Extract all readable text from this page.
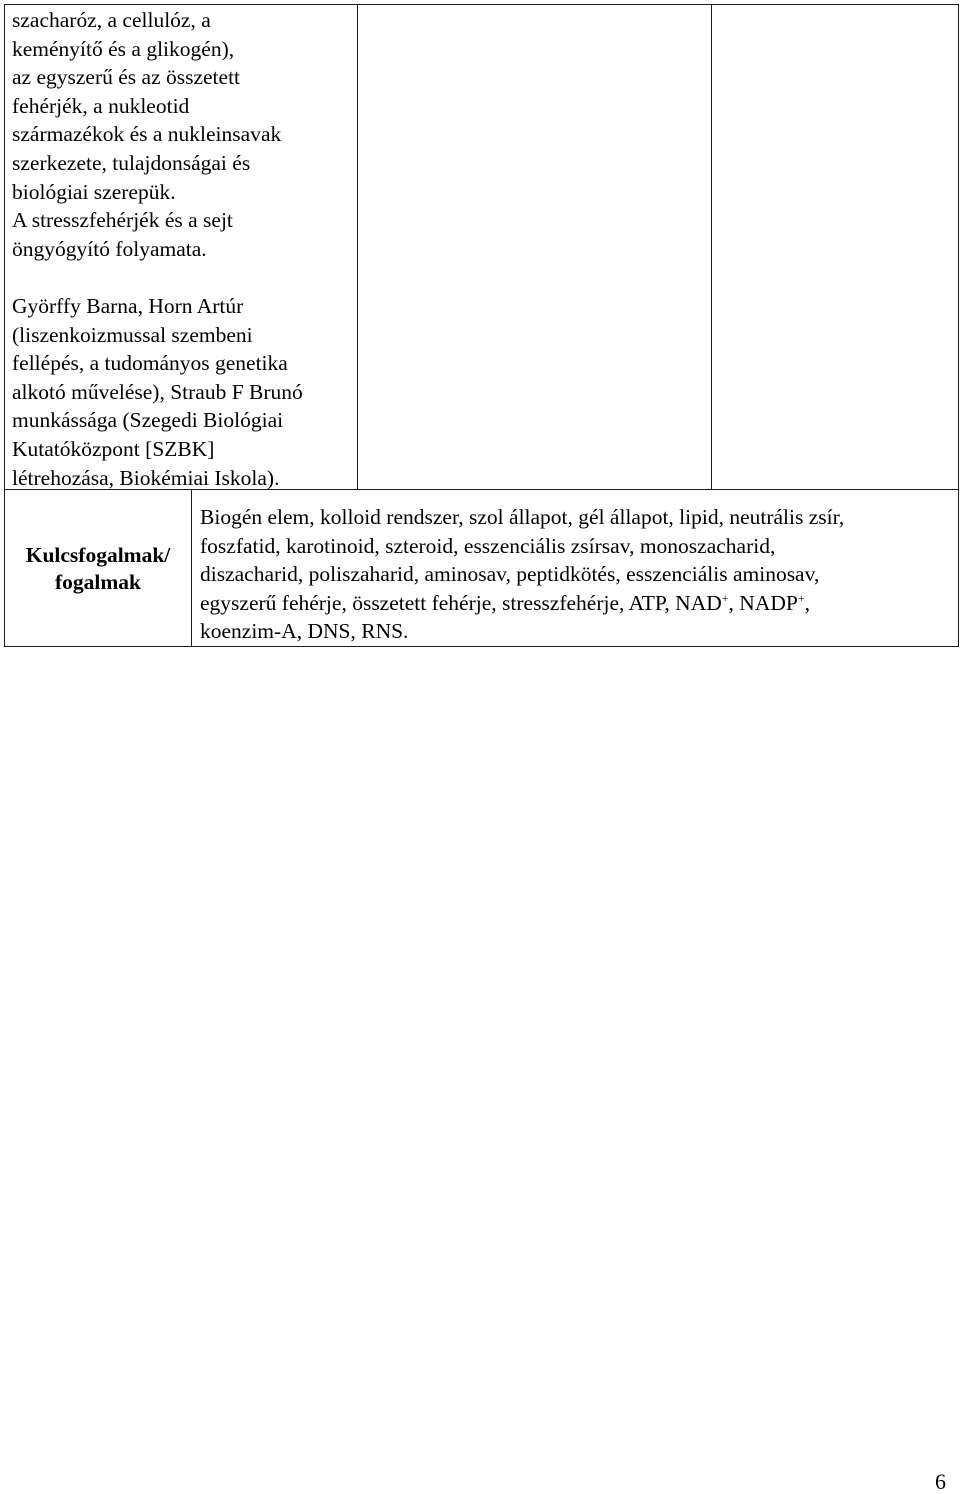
szacharóz, a cellulóz, a

keményítő és a glikogén),

az egyszerű és az összetett

fehérjék, a nukleotid

származékok és a nukleinsavak

szerkezete, tulajdonságai és

biológiai szerepük.

A stresszfehérjék és a sejt

öngyógyító folyamata.

Györffy Barna, Horn Artúr

(liszenkoizmussal szembeni

fellépés, a tudományos genetika

alkotó művelése), Straub F Brunó

munkássága (Szegedi Biológiai

Kutatóközpont [SZBK]

létrehozása, Biokémiai Iskola).

Kulcsfogalmak/

fogalmak

Biogén elem, kolloid rendszer, szol állapot, gél állapot, lipid, neutrális zsír,

foszfatid, karotinoid, szteroid, esszenciális zsírsav, monoszacharid,

diszacharid, poliszaharid, aminosav, peptidkötés, esszenciális aminosav,

egyszerű fehérje, összetett fehérje, stresszfehérje, ATP, NAD+, NADP+,

koenzim-A, DNS, RNS.

6
